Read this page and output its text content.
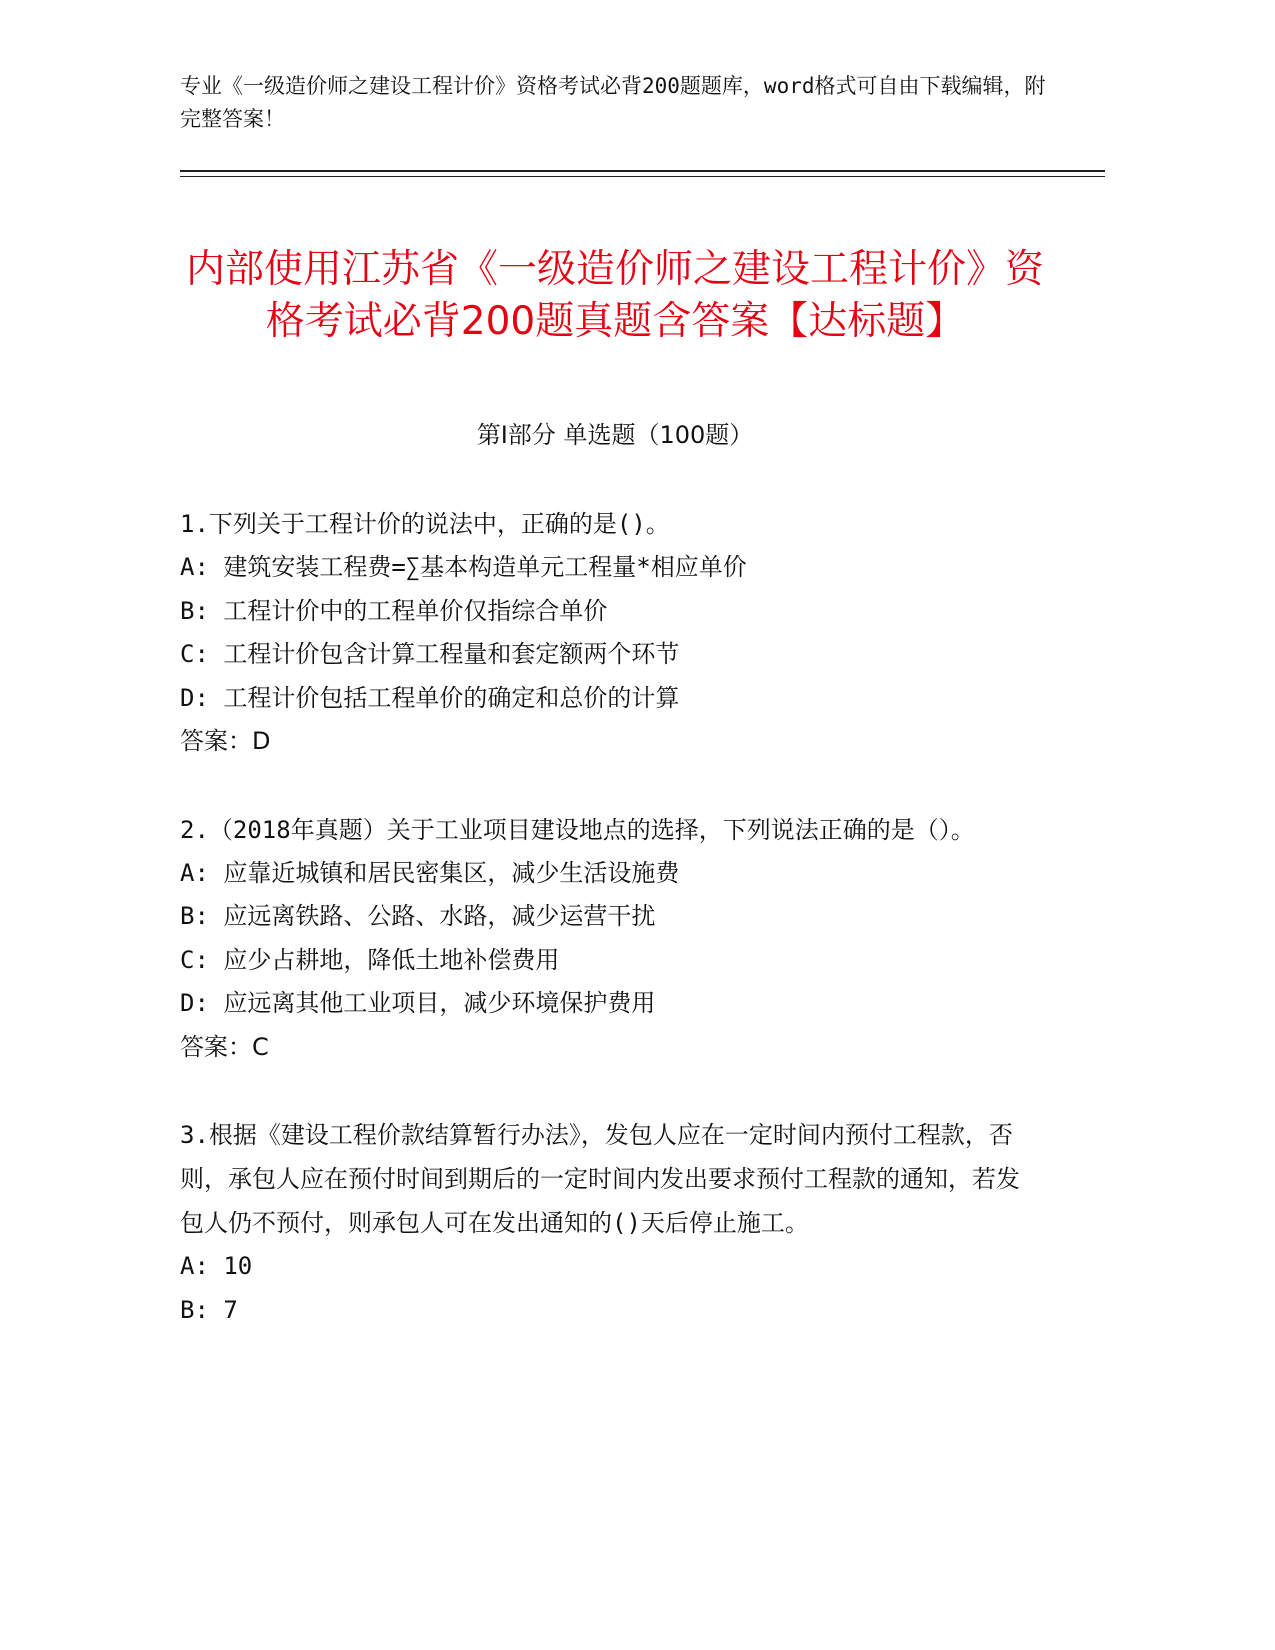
专业《一级造价师之建设工程计价》资格考试必背200题题库，word格式可自由下载编辑，附完整答案！
内部使用江苏省《一级造价师之建设工程计价》资格考试必背200题真题含答案【达标题】
第I部分 单选题（100题）
1.下列关于工程计价的说法中，正确的是()。
A: 建筑安装工程费=∑基本构造单元工程量*相应单价
B: 工程计价中的工程单价仅指综合单价
C: 工程计价包含计算工程量和套定额两个环节
D: 工程计价包括工程单价的确定和总价的计算
答案：D
2.（2018年真题）关于工业项目建设地点的选择，下列说法正确的是（）。
A: 应靠近城镇和居民密集区，减少生活设施费
B: 应远离铁路、公路、水路，减少运营干扰
C: 应少占耕地，降低土地补偿费用
D: 应远离其他工业项目，减少环境保护费用
答案：C
3.根据《建设工程价款结算暂行办法》，发包人应在一定时间内预付工程款，否则，承包人应在预付时间到期后的一定时间内发出要求预付工程款的通知，若发包人仍不预付，则承包人可在发出通知的()天后停止施工。
A: 10
B: 7
